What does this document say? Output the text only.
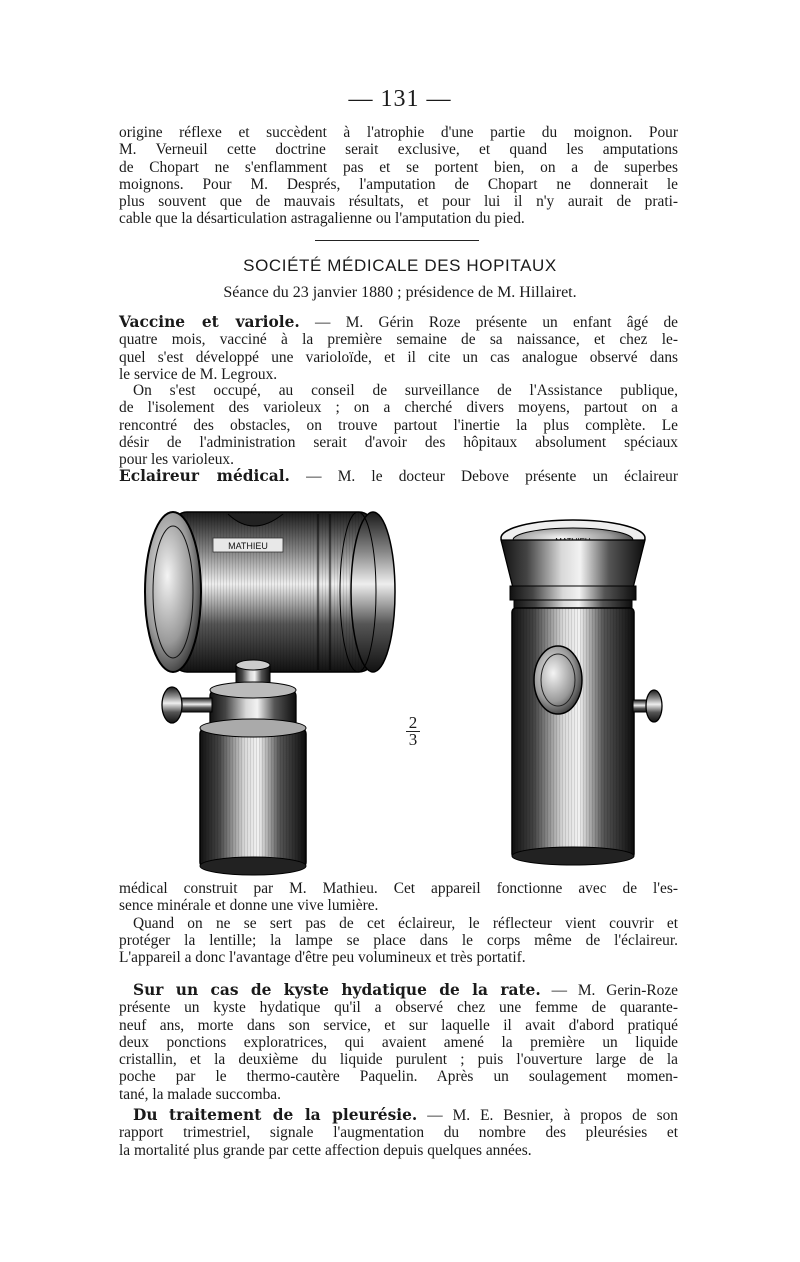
— 131 —
origine réflexe et succèdent à l'atrophie d'une partie du moignon. Pour
M. Verneuil cette doctrine serait exclusive, et quand les amputations
de Chopart ne s'enflamment pas et se portent bien, on a de superbes
moignons. Pour M. Després, l'amputation de Chopart ne donnerait le
plus souvent que de mauvais résultats, et pour lui il n'y aurait de prati-
cable que la désarticulation astragalienne ou l'amputation du pied.
SOCIÉTÉ MÉDICALE DES HOPITAUX
Séance du 23 janvier 1880 ; présidence de M. Hillairet.
Vaccine et variole. — M. Gérin Roze présente un enfant âgé de
quatre mois, vacciné à la première semaine de sa naissance, et chez le-
quel s'est développé une varioloïde, et il cite un cas analogue observé dans
le service de M. Legroux.
On s'est occupé, au conseil de surveillance de l'Assistance publique,
de l'isolement des varioleux ; on a cherché divers moyens, partout on a
rencontré des obstacles, on trouve partout l'inertie la plus complète. Le
désir de l'administration serait d'avoir des hôpitaux absolument spéciaux
pour les varioleux.
Eclaireur médical. — M. le docteur Debove présente un éclaireur
MATHIEU
2
3
médical construit par M. Mathieu. Cet appareil fonctionne avec de l'es-
sence minérale et donne une vive lumière.
Quand on ne se sert pas de cet éclaireur, le réflecteur vient couvrir et
protéger la lentille; la lampe se place dans le corps même de l'éclaireur.
L'appareil a donc l'avantage d'être peu volumineux et très portatif.
Sur un cas de kyste hydatique de la rate. — M. Gerin-Roze
présente un kyste hydatique qu'il a observé chez une femme de quarante-
neuf ans, morte dans son service, et sur laquelle il avait d'abord pratiqué
deux ponctions exploratrices, qui avaient amené la première un liquide
cristallin, et la deuxième du liquide purulent ; puis l'ouverture large de la
poche par le thermo-cautère Paquelin. Après un soulagement momen-
tané, la malade succomba.
Du traitement de la pleurésie. — M. E. Besnier, à propos de son
rapport trimestriel, signale l'augmentation du nombre des pleurésies et
la mortalité plus grande par cette affection depuis quelques années.
